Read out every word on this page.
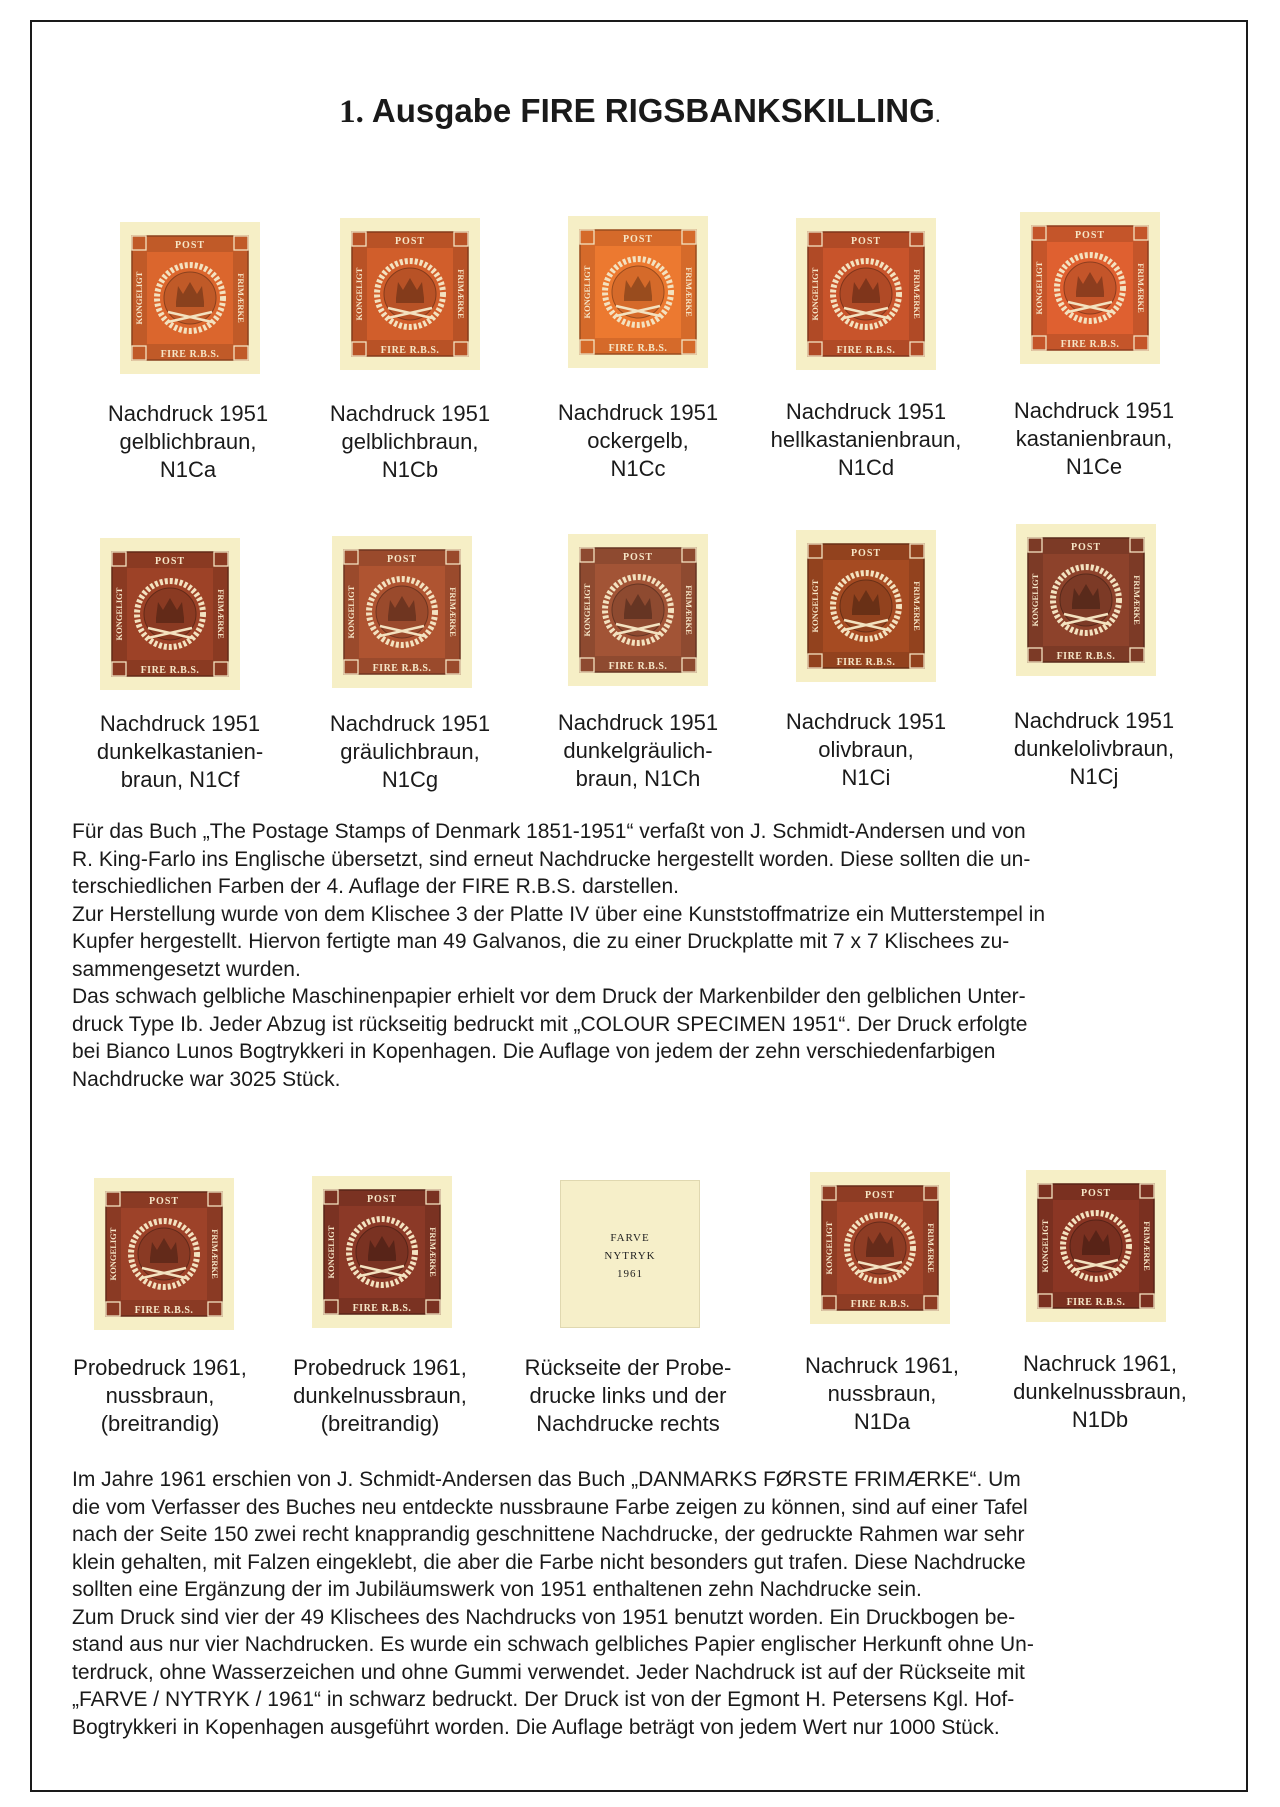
1. Ausgabe FIRE RIGSBANKSKILLING.
POST
FIRE R.B.S.
KONGELIGT	FRIMÆRKE
POST
FIRE R.B.S.
KONGELIGT	FRIMÆRKE
POST
FIRE R.B.S.
KONGELIGT	FRIMÆRKE
POST
FIRE R.B.S.
KONGELIGT	FRIMÆRKE
POST
FIRE R.B.S.
KONGELIGT	FRIMÆRKE
Nachdruck 1951
gelblichbraun,
N1Ca
Nachdruck 1951
gelblichbraun,
N1Cb
Nachdruck 1951
ockergelb,
N1Cc
Nachdruck 1951
hellkastanienbraun,
N1Cd
Nachdruck 1951
kastanienbraun,
N1Ce
POST
FIRE R.B.S.
KONGELIGT	FRIMÆRKE
POST
FIRE R.B.S.
KONGELIGT	FRIMÆRKE
POST
FIRE R.B.S.
KONGELIGT	FRIMÆRKE
POST
FIRE R.B.S.
KONGELIGT	FRIMÆRKE
POST
FIRE R.B.S.
KONGELIGT	FRIMÆRKE
Nachdruck 1951
dunkelkastanien-
braun, N1Cf
Nachdruck 1951
gräulichbraun,
N1Cg
Nachdruck 1951
dunkelgräulich-
braun, N1Ch
Nachdruck 1951
olivbraun,
N1Ci
Nachdruck 1951
dunkelolivbraun,
N1Cj
Für das Buch „The Postage Stamps of Denmark 1851-1951“ verfaßt von J. Schmidt-Andersen und von
R. King-Farlo ins Englische übersetzt, sind erneut Nachdrucke hergestellt worden. Diese sollten die un-
terschiedlichen Farben der 4. Auflage der FIRE R.B.S. darstellen.
Zur Herstellung wurde von dem Klischee 3 der Platte IV über eine Kunststoffmatrize ein Mutterstempel in
Kupfer hergestellt. Hiervon fertigte man 49 Galvanos, die zu einer Druckplatte mit 7 x 7 Klischees zu-
sammengesetzt wurden.
Das schwach gelbliche Maschinenpapier erhielt vor dem Druck der Markenbilder den gelblichen Unter-
druck Type Ib. Jeder Abzug ist rückseitig bedruckt mit „COLOUR SPECIMEN 1951“. Der Druck erfolgte
bei Bianco Lunos Bogtrykkeri in Kopenhagen. Die Auflage von jedem der zehn verschiedenfarbigen
Nachdrucke war 3025 Stück.
POST
FIRE R.B.S.
KONGELIGT	FRIMÆRKE
POST
FIRE R.B.S.
KONGELIGT	FRIMÆRKE	FARVE
NYTRYK
1961
POST
FIRE R.B.S.
KONGELIGT	FRIMÆRKE
POST
FIRE R.B.S.
KONGELIGT	FRIMÆRKE
Probedruck 1961,
nussbraun,
(breitrandig)
Probedruck 1961,
dunkelnussbraun,
(breitrandig)
Rückseite der Probe-
drucke links und der
Nachdrucke rechts
Nachruck 1961,
nussbraun,
N1Da
Nachruck 1961,
dunkelnussbraun,
N1Db
Im Jahre 1961 erschien von J. Schmidt-Andersen das Buch „DANMARKS FØRSTE FRIMÆRKE“. Um
die vom Verfasser des Buches neu entdeckte nussbraune Farbe zeigen zu können, sind auf einer Tafel
nach der Seite 150 zwei recht knapprandig geschnittene Nachdrucke, der gedruckte Rahmen war sehr
klein gehalten, mit Falzen eingeklebt, die aber die Farbe nicht besonders gut trafen. Diese Nachdrucke
sollten eine Ergänzung der im Jubiläumswerk von 1951 enthaltenen zehn Nachdrucke sein.
Zum Druck sind vier der 49 Klischees des Nachdrucks von 1951 benutzt worden. Ein Druckbogen be-
stand aus nur vier Nachdrucken. Es wurde ein schwach gelbliches Papier englischer Herkunft ohne Un-
terdruck, ohne Wasserzeichen und ohne Gummi verwendet. Jeder Nachdruck ist auf der Rückseite mit
„FARVE / NYTRYK / 1961“ in schwarz bedruckt. Der Druck ist von der Egmont H. Petersens Kgl. Hof-
Bogtrykkeri in Kopenhagen ausgeführt worden. Die Auflage beträgt von jedem Wert nur 1000 Stück.
